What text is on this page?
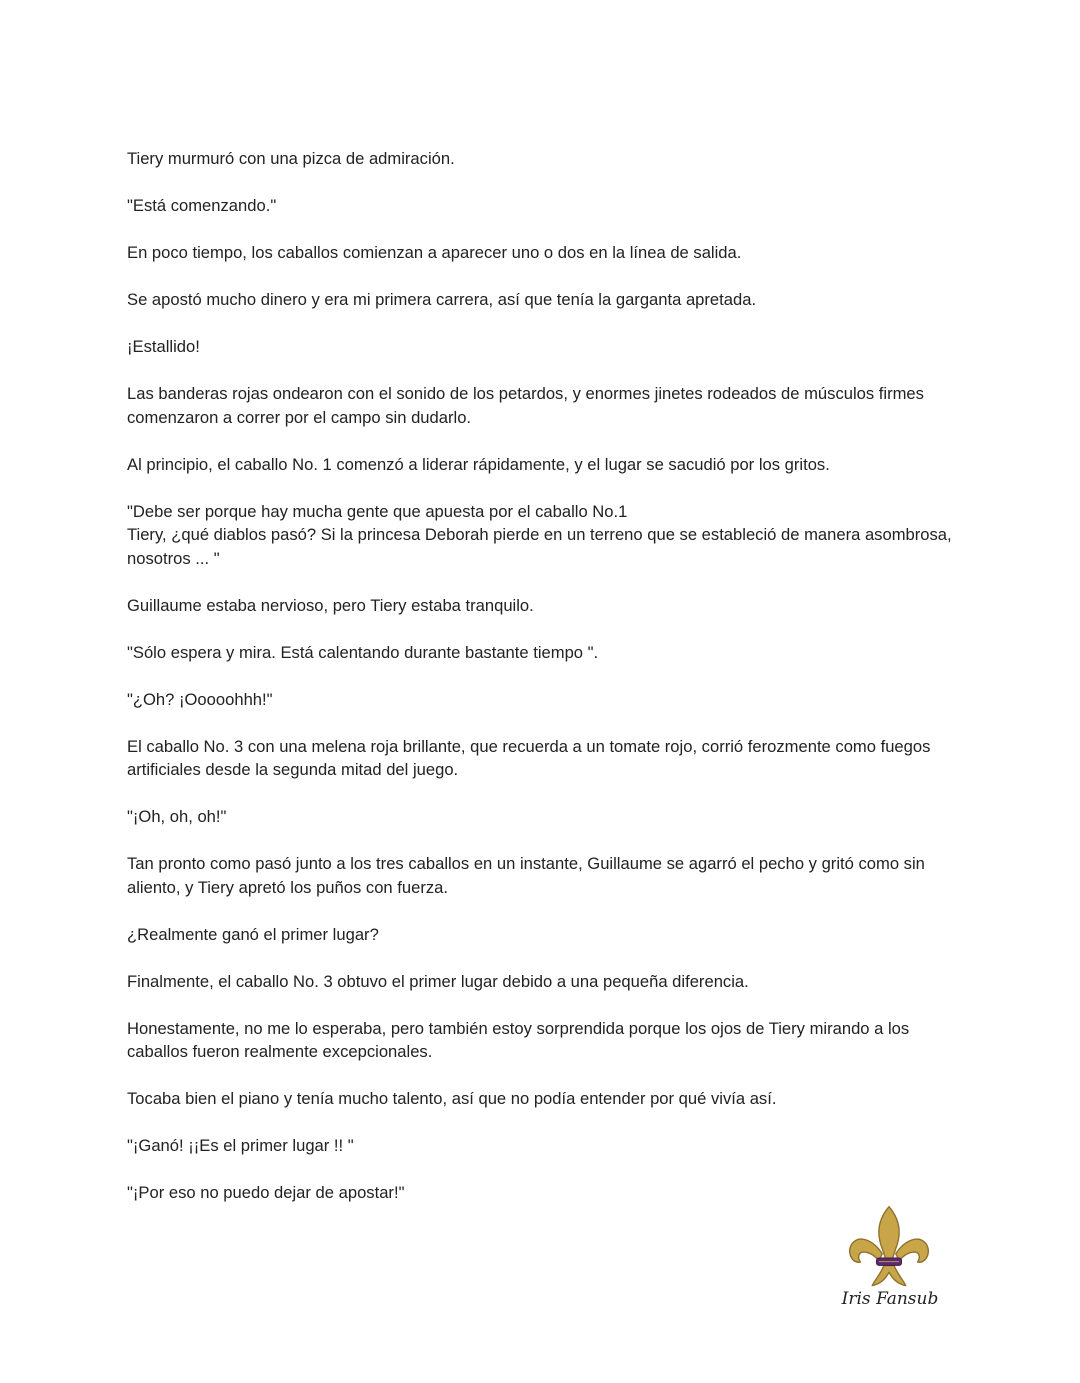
Tiery murmuró con una pizca de admiración.

"Está comenzando."

En poco tiempo, los caballos comienzan a aparecer uno o dos en la línea de salida.

Se apostó mucho dinero y era mi primera carrera, así que tenía la garganta apretada.

¡Estallido!

Las banderas rojas ondearon con el sonido de los petardos, y enormes jinetes rodeados de músculos firmes comenzaron a correr por el campo sin dudarlo.

Al principio, el caballo No. 1 comenzó a liderar rápidamente, y el lugar se sacudió por los gritos.

"Debe ser porque hay mucha gente que apuesta por el caballo No.1
Tiery, ¿qué diablos pasó? Si la princesa Deborah pierde en un terreno que se estableció de manera asombrosa, nosotros ... "

Guillaume estaba nervioso, pero Tiery estaba tranquilo.

"Sólo espera y mira. Está calentando durante bastante tiempo ".

"¿Oh? ¡Ooooohhh!"

El caballo No. 3 con una melena roja brillante, que recuerda a un tomate rojo, corrió ferozmente como fuegos artificiales desde la segunda mitad del juego.

"¡Oh, oh, oh!"

Tan pronto como pasó junto a los tres caballos en un instante, Guillaume se agarró el pecho y gritó como sin aliento, y Tiery apretó los puños con fuerza.

¿Realmente ganó el primer lugar?

Finalmente, el caballo No. 3 obtuvo el primer lugar debido a una pequeña diferencia.

Honestamente, no me lo esperaba, pero también estoy sorprendida porque los ojos de Tiery mirando a los caballos fueron realmente excepcionales.

Tocaba bien el piano y tenía mucho talento, así que no podía entender por qué vivía así.

"¡Ganó! ¡¡Es el primer lugar !! "

"¡Por eso no puedo dejar de apostar!"

Iris Fansub
